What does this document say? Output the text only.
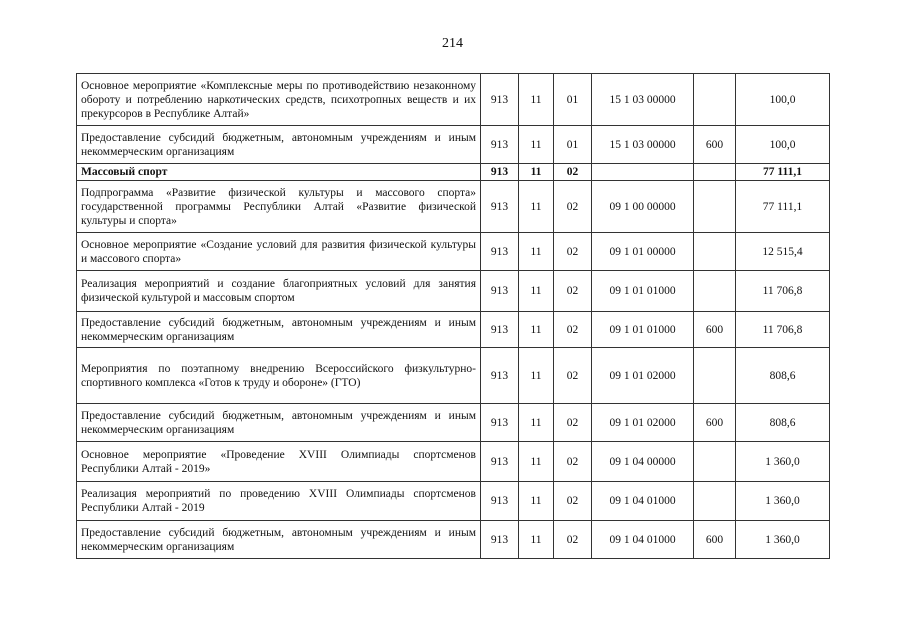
214
Основное мероприятие «Комплексные меры по противодействию незаконному обороту и потреблению наркотических средств, психотропных веществ и их прекурсоров в Республике Алтай»	913	11	01	15 1 03 00000		100,0
Предоставление субсидий бюджетным, автономным учреждениям и иным некоммерческим организациям	913	11	01	15 1 03 00000	600	100,0
Массовый спорт	913	11	02			77 111,1
Подпрограмма «Развитие физической культуры и массового спорта» государственной программы Республики Алтай «Развитие физической культуры и спорта»	913	11	02	09 1 00 00000		77 111,1
Основное мероприятие «Создание условий для развития физической культуры и массового спорта»	913	11	02	09 1 01 00000		12 515,4
Реализация мероприятий и создание благоприятных условий для занятия физической культурой и массовым спортом	913	11	02	09 1 01 01000		11 706,8
Предоставление субсидий бюджетным, автономным учреждениям и иным некоммерческим организациям	913	11	02	09 1 01 01000	600	11 706,8
Мероприятия по поэтапному внедрению Всероссийского физкультурно-спортивного комплекса «Готов к труду и обороне» (ГТО)	913	11	02	09 1 01 02000		808,6
Предоставление субсидий бюджетным, автономным учреждениям и иным некоммерческим организациям	913	11	02	09 1 01 02000	600	808,6
Основное мероприятие «Проведение XVIII Олимпиады спортсменов Республики Алтай - 2019»	913	11	02	09 1 04 00000		1 360,0
Реализация мероприятий по проведению XVIII Олимпиады спортсменов Республики Алтай - 2019	913	11	02	09 1 04 01000		1 360,0
Предоставление субсидий бюджетным, автономным учреждениям и иным некоммерческим организациям	913	11	02	09 1 04 01000	600	1 360,0
